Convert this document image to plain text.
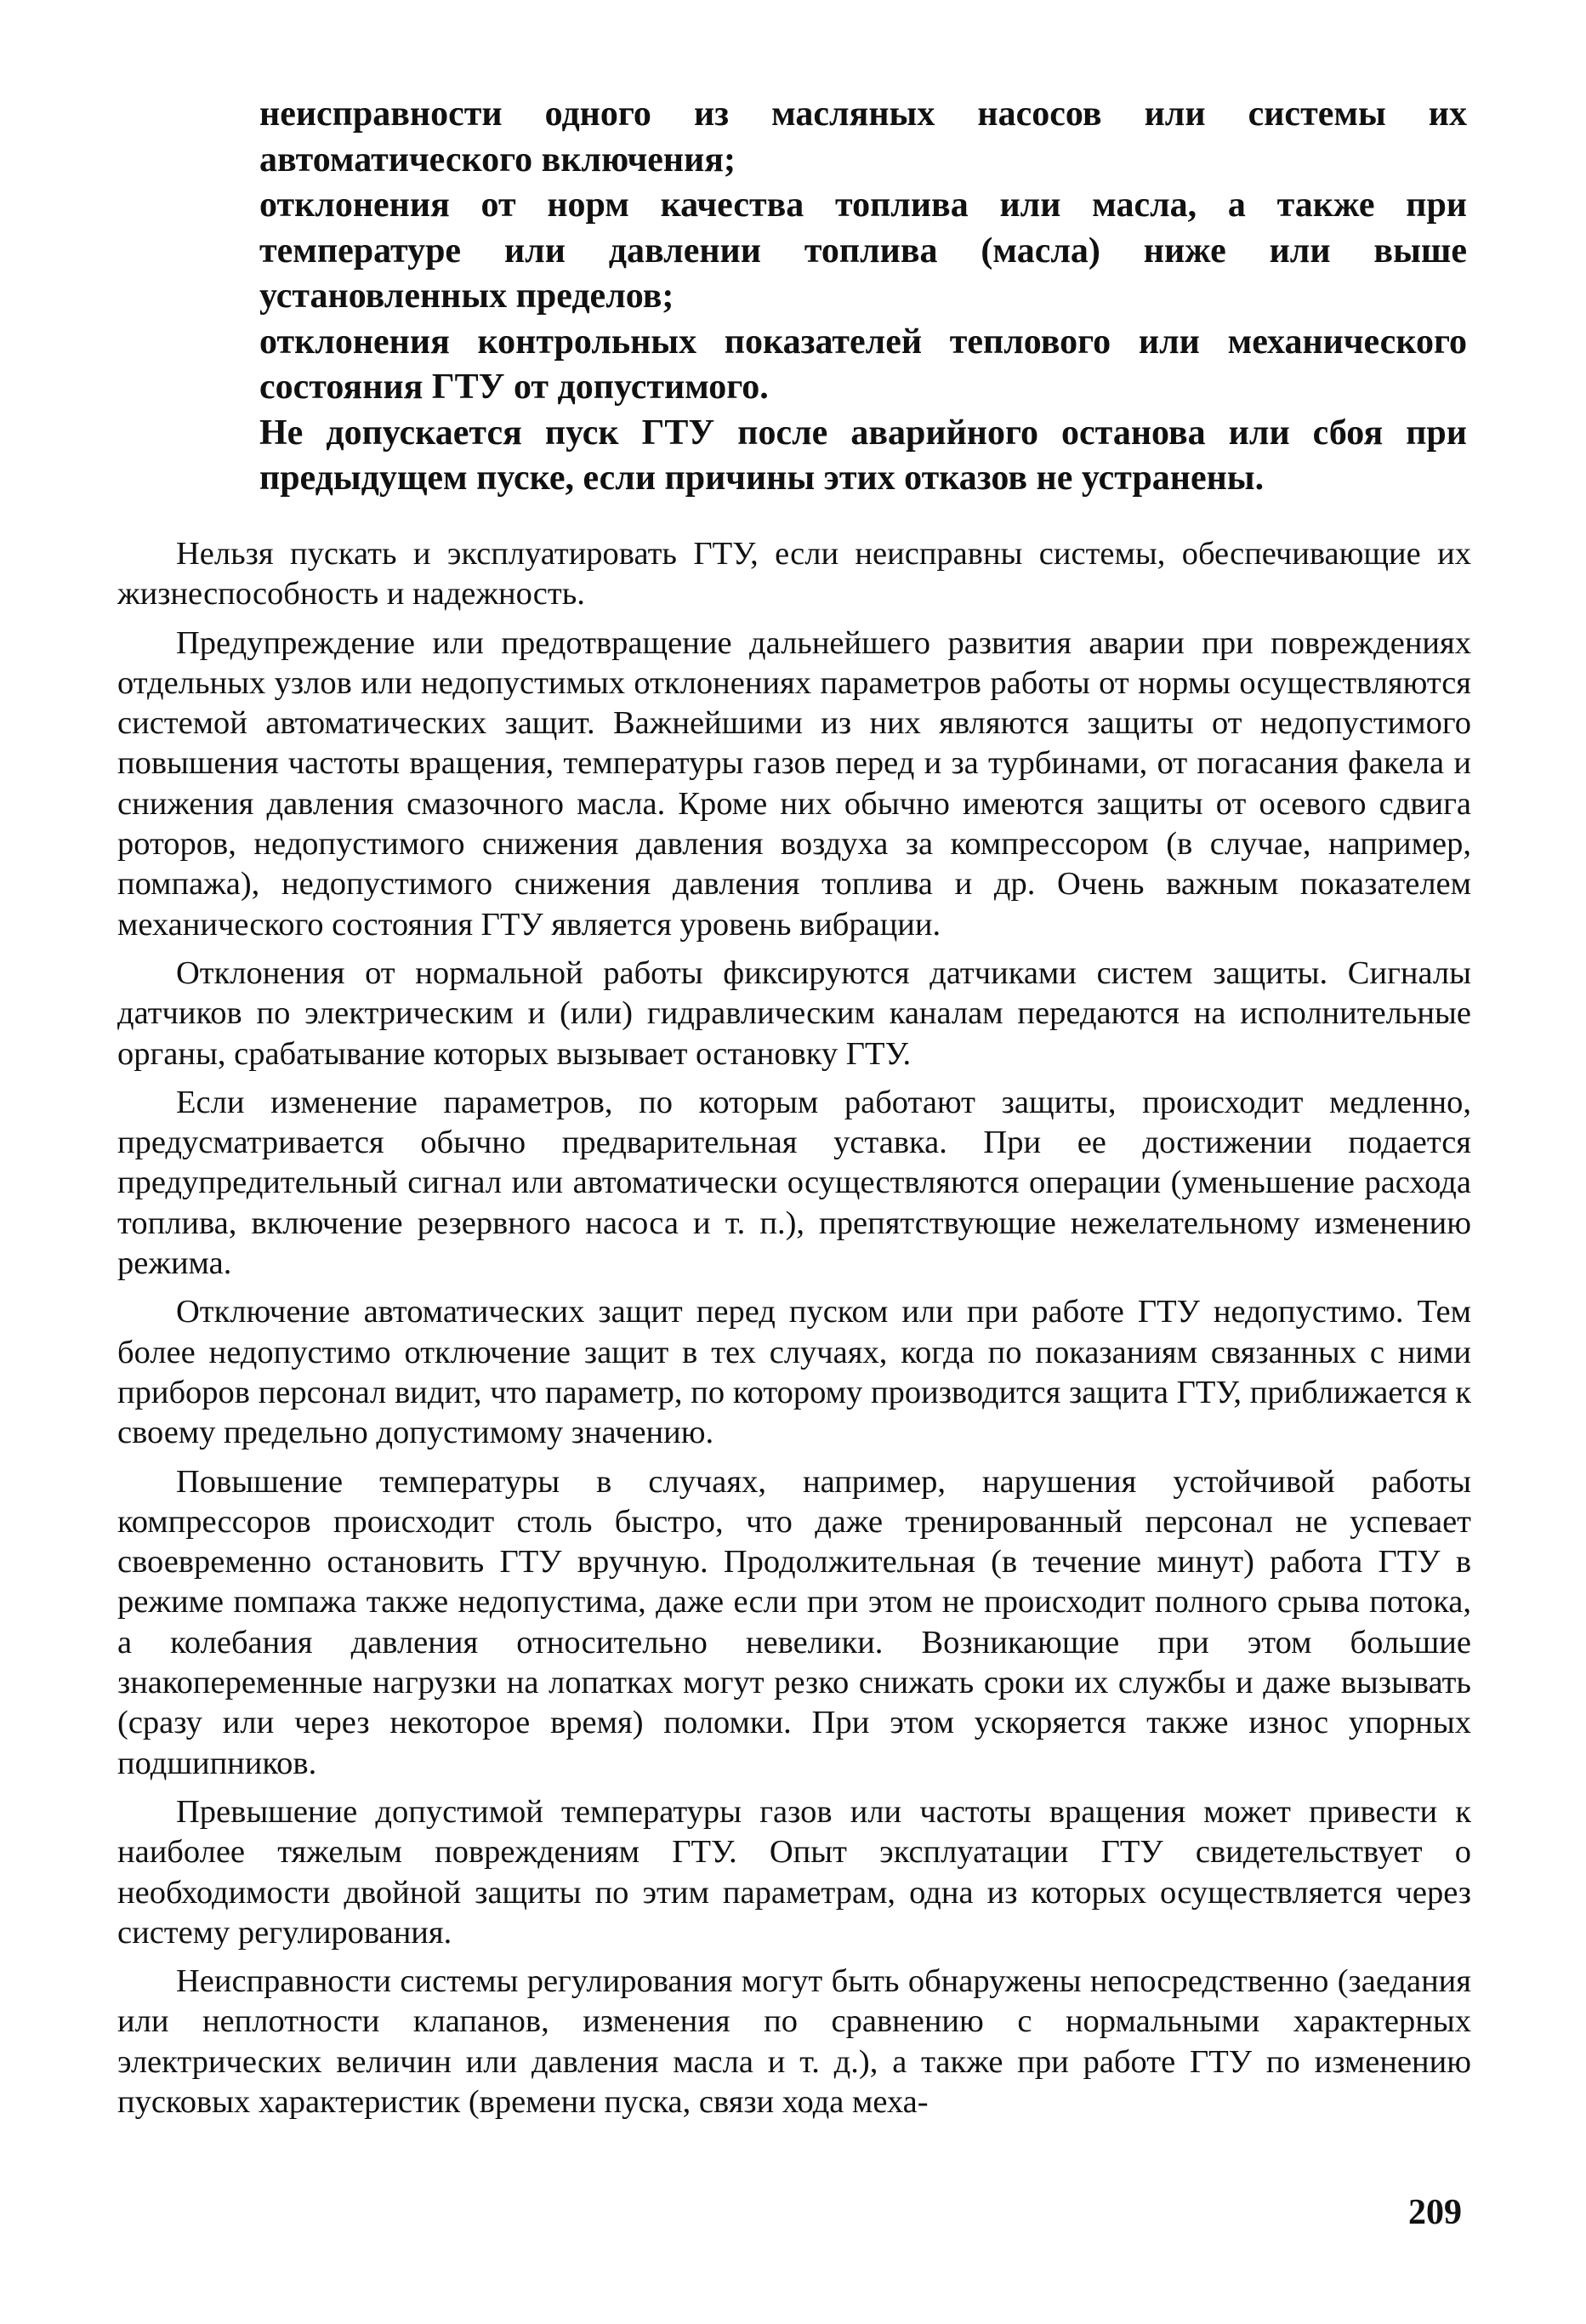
неисправности одного из масляных насосов или системы их автоматического включения;

отклонения от норм качества топлива или масла, а также при температуре или давлении топлива (масла) ниже или выше установленных пределов;

отклонения контрольных показателей теплового или механического состояния ГТУ от допустимого.

Не допускается пуск ГТУ после аварийного останова или сбоя при предыдущем пуске, если причины этих отказов не устранены.

Нельзя пускать и эксплуатировать ГТУ, если неисправны системы, обеспечивающие их жизнеспособность и надежность.

Предупреждение или предотвращение дальнейшего развития аварии при повреждениях отдельных узлов или недопустимых отклонениях параметров работы от нормы осуществляются системой автоматических защит. Важнейшими из них являются защиты от недопустимого повышения частоты вращения, температуры газов перед и за турбинами, от погасания факела и снижения давления смазочного масла. Кроме них обычно имеются защиты от осевого сдвига роторов, недопустимого снижения давления воздуха за компрессором (в случае, например, помпажа), недопустимого снижения давления топлива и др. Очень важным показателем механического состояния ГТУ является уровень вибрации.

Отклонения от нормальной работы фиксируются датчиками систем защиты. Сигналы датчиков по электрическим и (или) гидравлическим каналам передаются на исполнительные органы, срабатывание которых вызывает остановку ГТУ.

Если изменение параметров, по которым работают защиты, происходит медленно, предусматривается обычно предварительная уставка. При ее достижении подается предупредительный сигнал или автоматически осуществляются операции (уменьшение расхода топлива, включение резервного насоса и т. п.), препятствующие нежелательному изменению режима.

Отключение автоматических защит перед пуском или при работе ГТУ недопустимо. Тем более недопустимо отключение защит в тех случаях, когда по показаниям связанных с ними приборов персонал видит, что параметр, по которому производится защита ГТУ, приближается к своему предельно допустимому значению.

Повышение температуры в случаях, например, нарушения устойчивой работы компрессоров происходит столь быстро, что даже тренированный персонал не успевает своевременно остановить ГТУ вручную. Продолжительная (в течение минут) работа ГТУ в режиме помпажа также недопустима, даже если при этом не происходит полного срыва потока, а колебания давления относительно невелики. Возникающие при этом большие знакопеременные нагрузки на лопатках могут резко снижать сроки их службы и даже вызывать (сразу или через некоторое время) поломки. При этом ускоряется также износ упорных подшипников.

Превышение допустимой температуры газов или частоты вращения может привести к наиболее тяжелым повреждениям ГТУ. Опыт эксплуатации ГТУ свидетельствует о необходимости двойной защиты по этим параметрам, одна из которых осуществляется через систему регулирования.

Неисправности системы регулирования могут быть обнаружены непосредственно (заедания или неплотности клапанов, изменения по сравнению с нормальными характерных электрических величин или давления масла и т. д.), а также при работе ГТУ по изменению пусковых характеристик (времени пуска, связи хода меха-

209
